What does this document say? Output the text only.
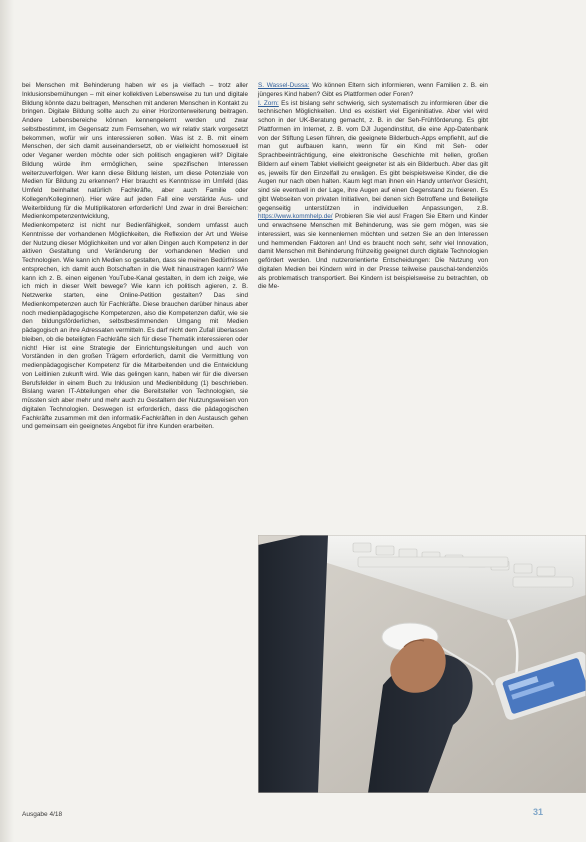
bei Menschen mit Behinderung haben wir es ja vielfach – trotz aller Inklusionsbemühungen – mit einer kollektiven Lebensweise zu tun und digitale Bildung könnte dazu beitragen, Menschen mit anderen Menschen in Kontakt zu bringen. Digitale Bildung sollte auch zu einer Horizonterweiterung beitragen. Andere Lebensbereiche können kennengelernt werden und zwar selbstbestimmt, im Gegensatz zum Fernsehen, wo wir relativ stark vorgesetzt bekommen, wofür wir uns interessieren sollen. Was ist z. B. mit einem Menschen, der sich damit auseinandersetzt, ob er vielleicht homosexuell ist oder Veganer werden möchte oder sich politisch engagieren will? Digitale Bildung würde ihm ermöglichen, seine spezifischen Interessen weiterzuverfolgen. Wer kann diese Bildung leisten, um diese Potenziale von Medien für Bildung zu erkennen? Hier braucht es Kenntnisse im Umfeld (das Umfeld beinhaltet natürlich Fachkräfte, aber auch Familie oder Kollegen/Kolleginnen). Hier wäre auf jeden Fall eine verstärkte Aus- und Weiterbildung für die Multiplikatoren erforderlich! Und zwar in drei Bereichen: Medienkompetenzentwicklung,

Medienkompetenz ist nicht nur Bedienfähigkeit, sondern umfasst auch Kenntnisse der vorhandenen Möglichkeiten, die Reflexion der Art und Weise der Nutzung dieser Möglichkeiten und vor allen Dingen auch Kompetenz in der aktiven Gestaltung und Veränderung der vorhandenen Medien und Technologien. Wie kann ich Medien so gestalten, dass sie meinen Bedürfnissen entsprechen, ich damit auch Botschaften in die Welt hinaustragen kann? Wie kann ich z. B. einen eigenen YouTube-Kanal gestalten, in dem ich zeige, wie ich mich in dieser Welt bewege? Wie kann ich politisch agieren, z. B. Netzwerke starten, eine Online-Petition gestalten? Das sind Medienkompetenzen auch für Fachkräfte. Diese brauchen darüber hinaus aber noch medienpädagogische Kompetenzen, also die Kompetenzen dafür, wie sie den bildungsförderlichen, selbstbestimmenden Umgang mit Medien pädagogisch an ihre Adressaten vermitteln. Es darf nicht dem Zufall überlassen bleiben, ob die beteiligten Fachkräfte sich für diese Thematik interessieren oder nicht! Hier ist eine Strategie der Einrichtungsleitungen und auch von Vorständen in den großen Trägern erforderlich, damit die Vermittlung von medienpädagogischer Kompetenz für die Mitarbeitenden und die Entwicklung von Leitlinien zukunft wird. Wie das gelingen kann, haben wir für die diversen Berufsfelder in einem Buch zu Inklusion und Medienbildung (1) beschrieben. Bislang waren IT-Abteilungen eher die Bereitsteller von Technologien, sie müssten sich aber mehr und mehr auch zu Gestaltern der Nutzungsweisen von digitalen Technologien. Deswegen ist erforderlich, dass die pädagogischen Fachkräfte zusammen mit den informatik-Fachkräften in den Austausch gehen und gemeinsam ein geeignetes Angebot für ihre Kunden erarbeiten.

S. Wassel-Dussa: Wo können Eltern sich informieren, wenn Familien z. B. ein jüngeres Kind haben? Gibt es Plattformen oder Foren?

I. Zorn: Es ist bislang sehr schwierig, sich systematisch zu informieren über die technischen Möglichkeiten. Und es existiert viel Eigeninitiative. Aber viel wird schon in der UK-Beratung gemacht, z. B. in der Seh-Frühförderung. Es gibt Plattformen im Internet, z. B. vom DJI Jugendinstitut, die eine App-Datenbank von der Stiftung Lesen führen, die geeignete Bilderbuch-Apps empfiehlt, auf die man gut aufbauen kann, wenn für ein Kind mit Seh- oder Sprachbeeinträchtigung, eine elektronische Geschichte mit hellen, großen Bildern auf einem Tablet vielleicht geeigneter ist als ein Bilderbuch. Aber das gilt es, jeweils für den Einzelfall zu erwägen. Es gibt beispielsweise Kinder, die die Augen nur nach oben halten. Kaum legt man ihnen ein Handy unter/vor Gesicht, sind sie eventuell in der Lage, ihre Augen auf einen Gegenstand zu fixieren. Es gibt Webseiten von privaten Initiativen, bei denen sich Betroffene und Beteiligte gegenseitig unterstützen in individuellen Anpassungen, z.B. https://www.kommhelp.de/ Probieren Sie viel aus! Fragen Sie Eltern und Kinder und erwachsene Menschen mit Behinderung, was sie gern mögen, was sie interessiert, was sie kennenlernen möchten und setzen Sie an den Interessen und hemmenden Faktoren an! Und es braucht noch sehr, sehr viel Innovation, damit Menschen mit Behinderung frühzeitig geeignet durch digitale Technologien gefördert werden. Und nutzerorientierte Entscheidungen: Die Nutzung von digitalen Medien bei Kindern wird in der Presse teilweise pauschal-tendenziös als problematisch transportiert. Bei Kindern ist beispielsweise zu betrachten, ob die Me-

Ausgabe 4/18	31
